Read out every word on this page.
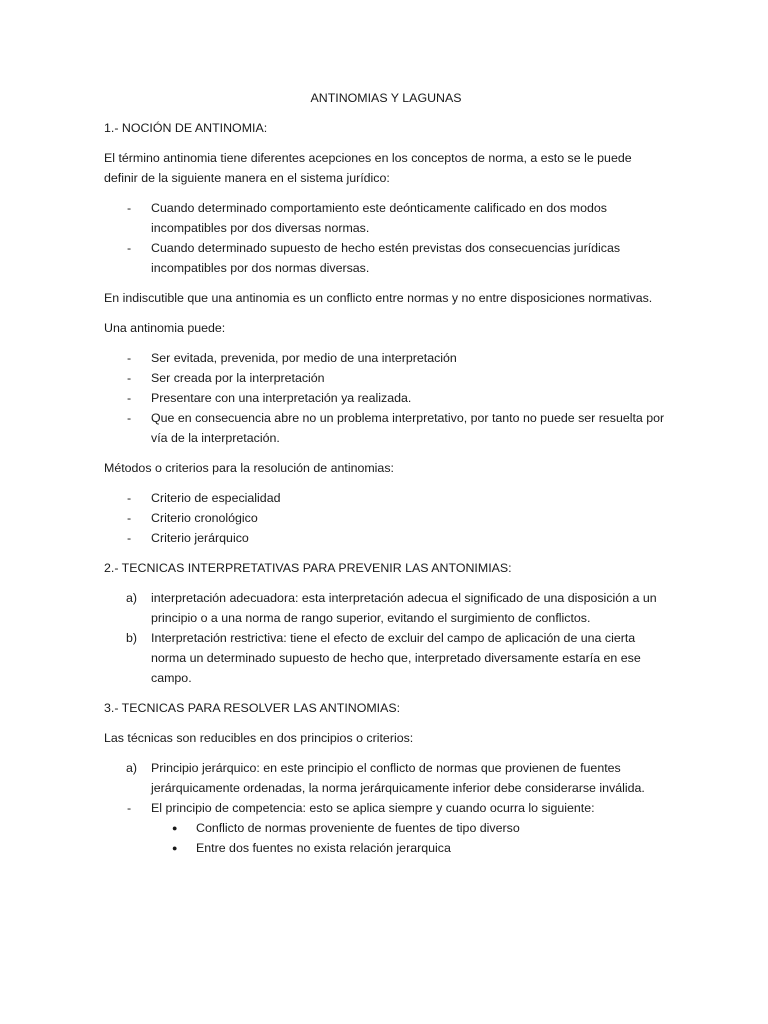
ANTINOMIAS Y LAGUNAS

1.- NOCIÓN DE ANTINOMIA:

El término antinomia tiene diferentes acepciones en los conceptos de norma, a esto se le puede definir de la siguiente manera en el sistema jurídico:

- Cuando determinado comportamiento este deónticamente calificado en dos modos incompatibles por dos diversas normas.
- Cuando determinado supuesto de hecho estén previstas dos consecuencias jurídicas incompatibles por dos normas diversas.

En indiscutible que una antinomia es un conflicto entre normas y no entre disposiciones normativas.

Una antinomia puede:

- Ser evitada, prevenida, por medio de una interpretación
- Ser creada por la interpretación
- Presentare con una interpretación ya realizada.
- Que en consecuencia abre no un problema interpretativo, por tanto no puede ser resuelta por vía de la interpretación.

Métodos o criterios para la resolución de antinomias:

- Criterio de especialidad
- Criterio cronológico
- Criterio jerárquico

2.- TECNICAS INTERPRETATIVAS PARA PREVENIR LAS ANTONIMIAS:

a) interpretación adecuadora: esta interpretación adecua el significado de una disposición a un principio o a una norma de rango superior, evitando el surgimiento de conflictos.
b) Interpretación restrictiva: tiene el efecto de excluir del campo de aplicación de una cierta norma un determinado supuesto de hecho que, interpretado diversamente estaría en ese campo.

3.- TECNICAS PARA RESOLVER LAS ANTINOMIAS:

Las técnicas son reducibles en dos principios o criterios:

a) Principio jerárquico: en este principio el conflicto de normas que provienen de fuentes jerárquicamente ordenadas, la norma jerárquicamente inferior debe considerarse inválida.
- El principio de competencia: esto se aplica siempre y cuando ocurra lo siguiente:
● Conflicto de normas proveniente de fuentes de tipo diverso
● Entre dos fuentes no exista relación jerarquica
